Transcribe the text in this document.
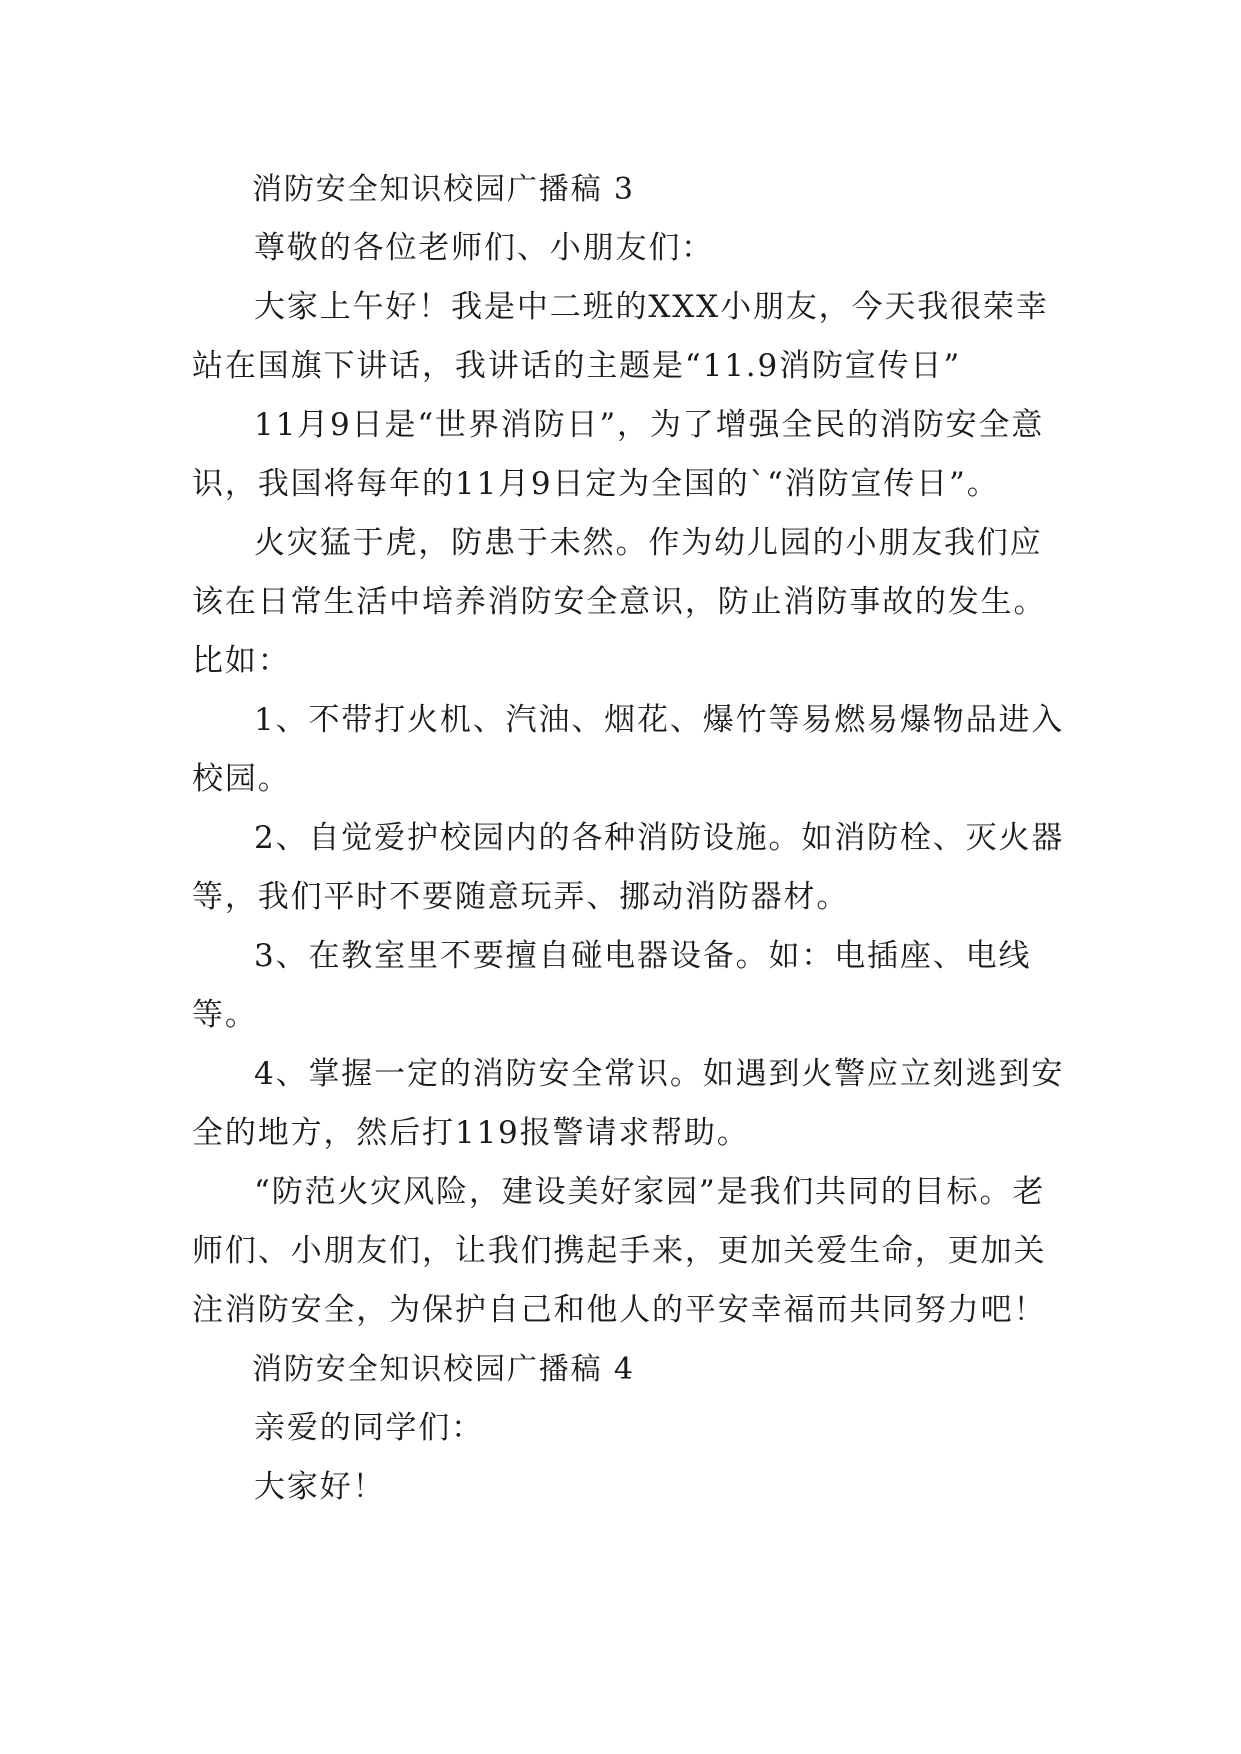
消防安全知识校园广播稿 3

尊敬的各位老师们、小朋友们：

大家上午好！我是中二班的XXX小朋友，今天我很荣幸站在国旗下讲话，我讲话的主题是“11.9消防宣传日”

11月9日是“世界消防日”，为了增强全民的消防安全意识，我国将每年的11月9日定为全国的`“消防宣传日”。

火灾猛于虎，防患于未然。作为幼儿园的小朋友我们应该在日常生活中培养消防安全意识，防止消防事故的发生。比如：

1、不带打火机、汽油、烟花、爆竹等易燃易爆物品进入校园。

2、自觉爱护校园内的各种消防设施。如消防栓、灭火器等，我们平时不要随意玩弄、挪动消防器材。

3、在教室里不要擅自碰电器设备。如：电插座、电线等。

4、掌握一定的消防安全常识。如遇到火警应立刻逃到安全的地方，然后打119报警请求帮助。

“防范火灾风险，建设美好家园”是我们共同的目标。老师们、小朋友们，让我们携起手来，更加关爱生命，更加关注消防安全，为保护自己和他人的平安幸福而共同努力吧！

消防安全知识校园广播稿 4

亲爱的同学们：

大家好！
